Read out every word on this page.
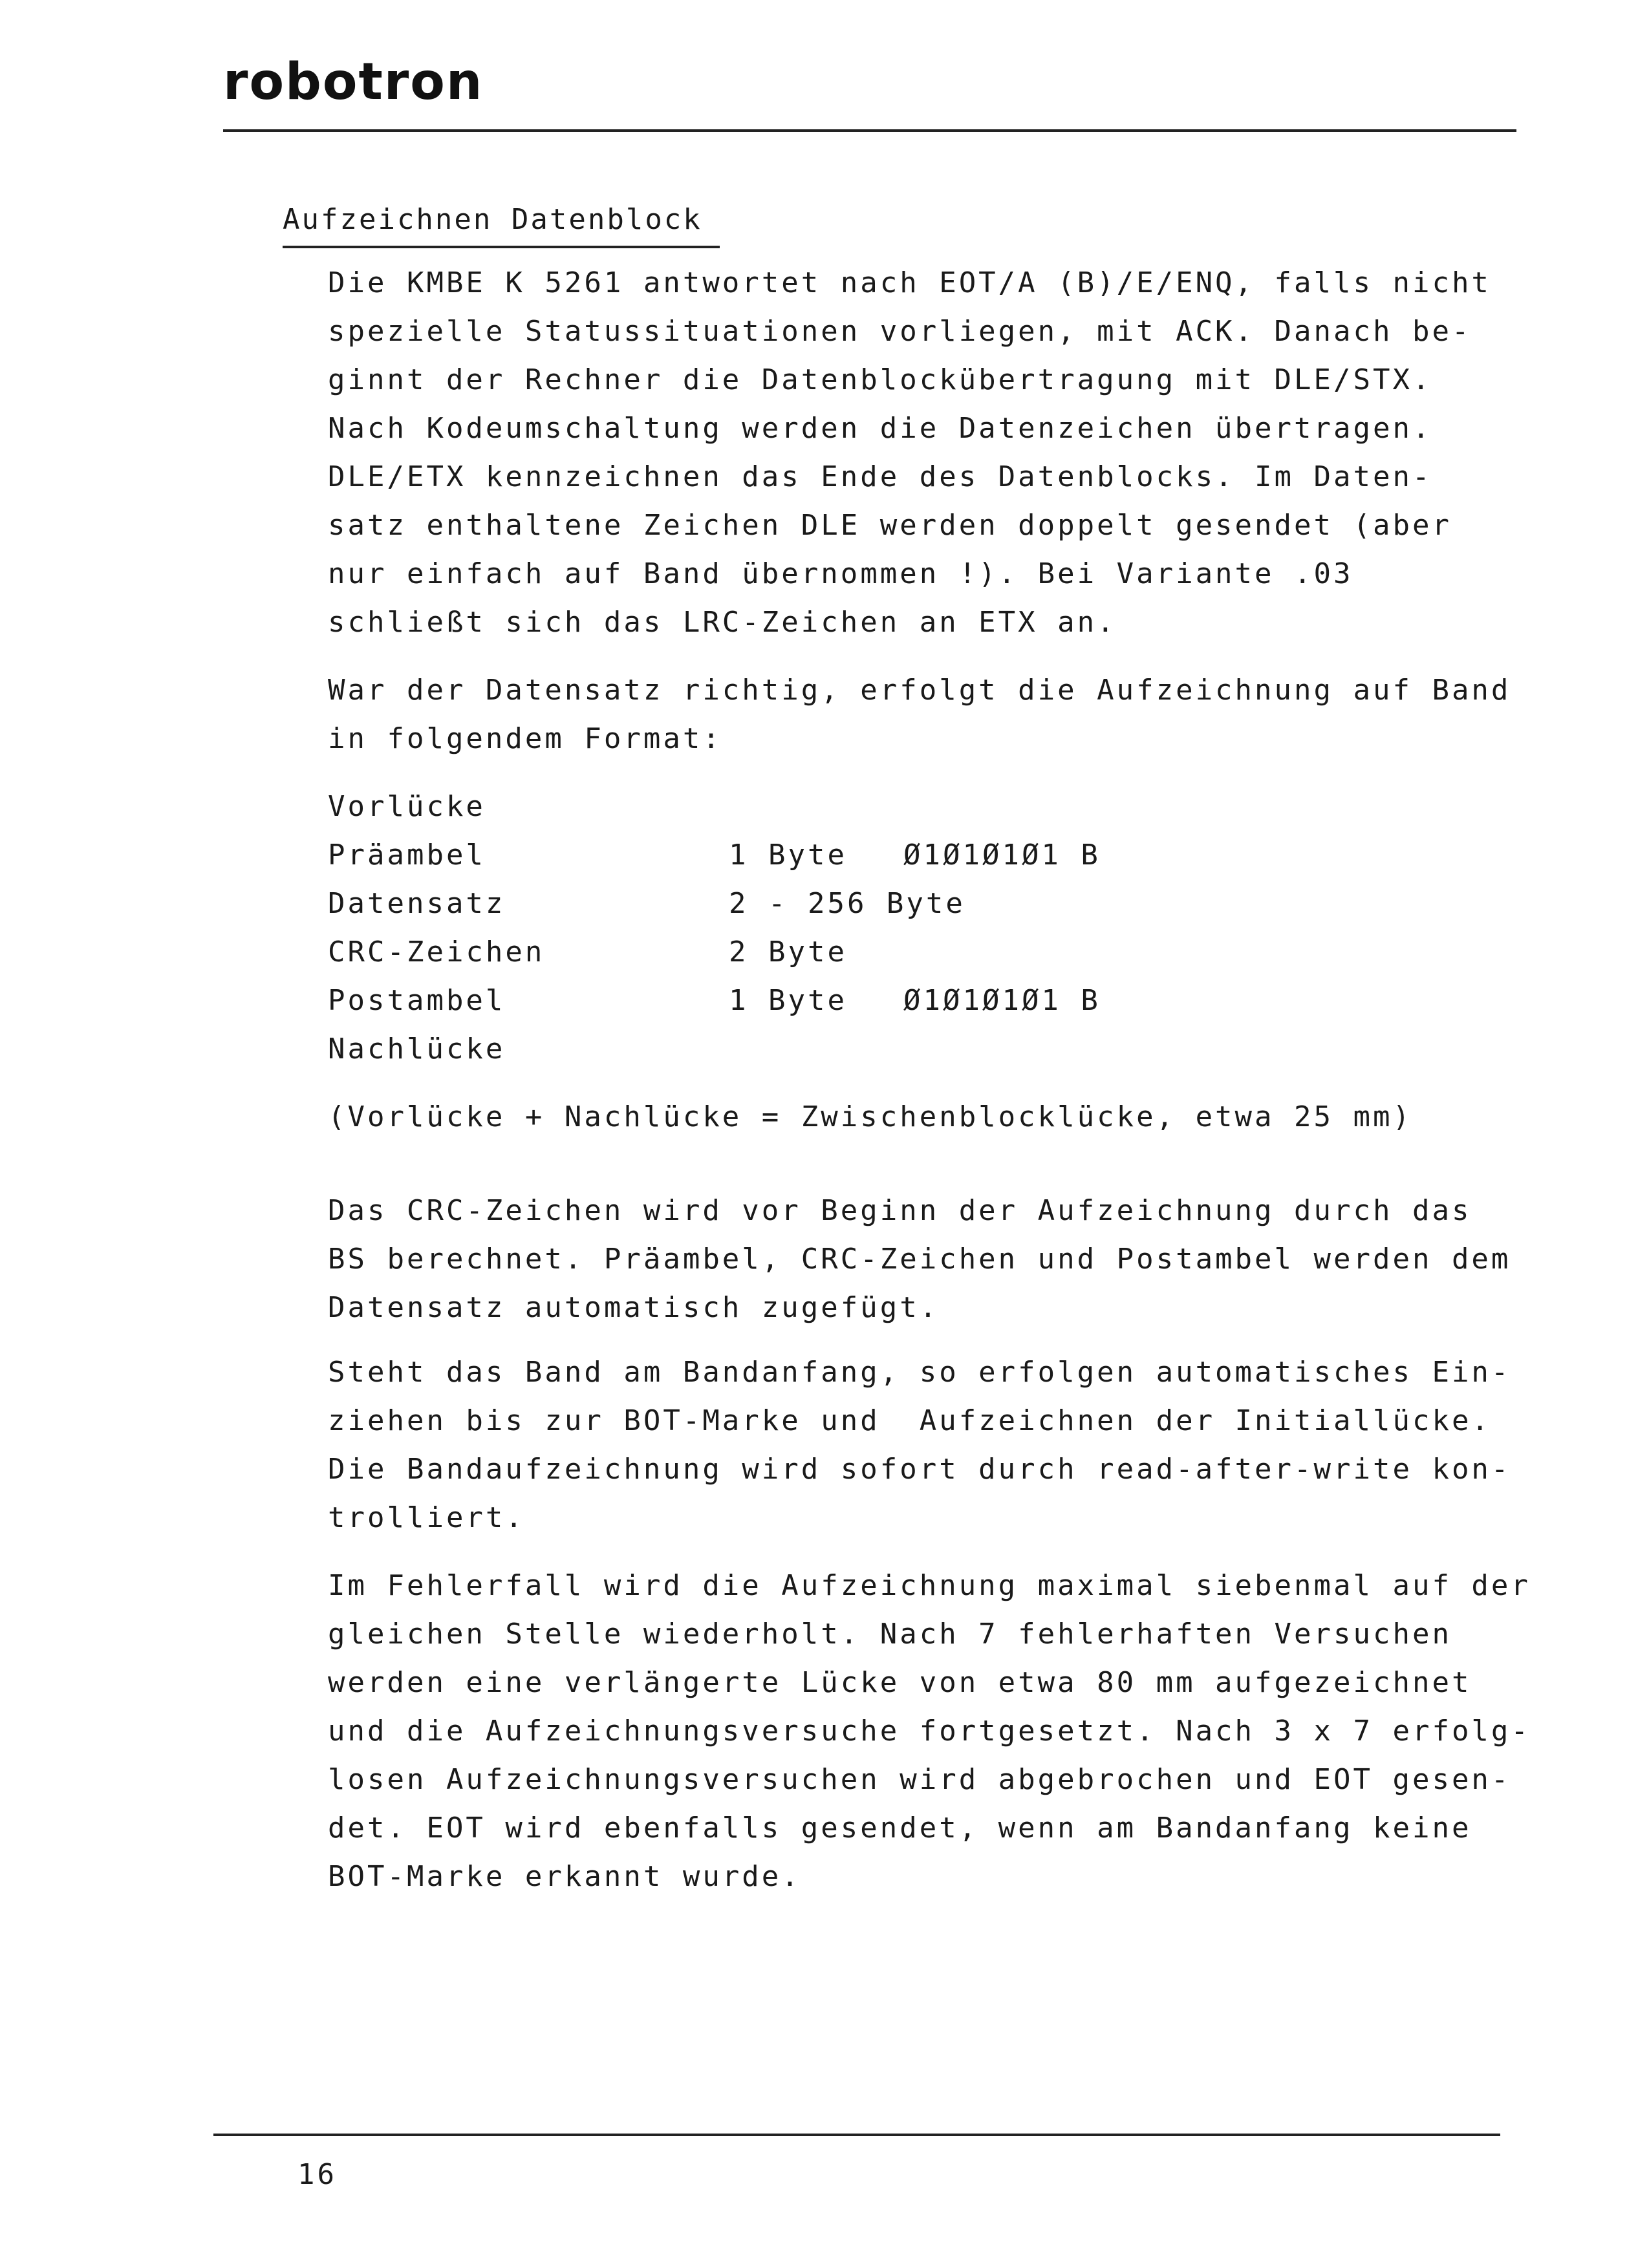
robotron
Aufzeichnen Datenblock
Die KMBE K 5261 antwortet nach EOT/A (B)/E/ENQ, falls nicht
spezielle Statussituationen vorliegen, mit ACK. Danach be-
ginnt der Rechner die Datenblockübertragung mit DLE/STX.
Nach Kodeumschaltung werden die Datenzeichen übertragen.
DLE/ETX kennzeichnen das Ende des Datenblocks. Im Daten-
satz enthaltene Zeichen DLE werden doppelt gesendet (aber
nur einfach auf Band übernommen !). Bei Variante .03
schließt sich das LRC-Zeichen an ETX an.
War der Datensatz richtig, erfolgt die Aufzeichnung auf Band
in folgendem Format:
Vorlücke
Präambel	1 Byte Ø1Ø1Ø1Ø1 B
Datensatz	2 - 256 Byte
CRC-Zeichen	2 Byte
Postambel	1 Byte Ø1Ø1Ø1Ø1 B
Nachlücke
(Vorlücke + Nachlücke = Zwischenblocklücke, etwa 25 mm)
Das CRC-Zeichen wird vor Beginn der Aufzeichnung durch das
BS berechnet. Präambel, CRC-Zeichen und Postambel werden dem
Datensatz automatisch zugefügt.
Steht das Band am Bandanfang, so erfolgen automatisches Ein-
ziehen bis zur BOT-Marke und  Aufzeichnen der Initiallücke.
Die Bandaufzeichnung wird sofort durch read-after-write kon-
trolliert.
Im Fehlerfall wird die Aufzeichnung maximal siebenmal auf der
gleichen Stelle wiederholt. Nach 7 fehlerhaften Versuchen
werden eine verlängerte Lücke von etwa 80 mm aufgezeichnet
und die Aufzeichnungsversuche fortgesetzt. Nach 3 x 7 erfolg-
losen Aufzeichnungsversuchen wird abgebrochen und EOT gesen-
det. EOT wird ebenfalls gesendet, wenn am Bandanfang keine
BOT-Marke erkannt wurde.
16
